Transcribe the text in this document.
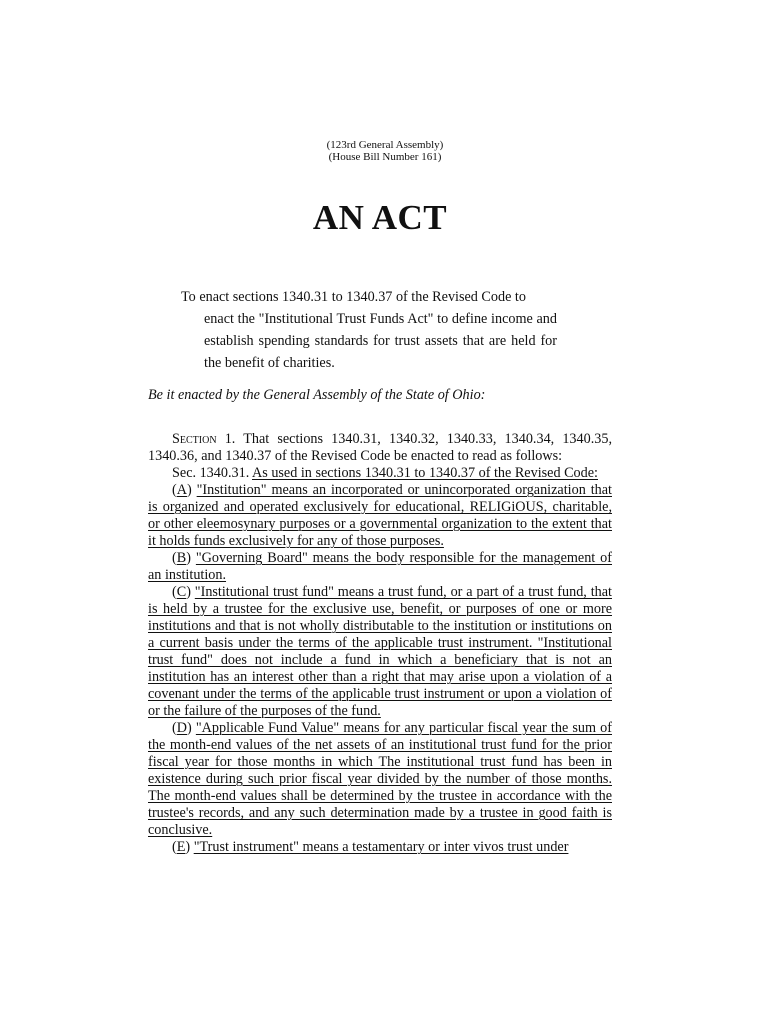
(123rd General Assembly)
(House Bill Number 161)
AN ACT
To enact sections 1340.31 to 1340.37 of the Revised Code to
enact the "Institutional Trust Funds Act" to define income and establish spending standards for trust assets that are held for the benefit of charities.
Be it enacted by the General Assembly of the State of Ohio:

Section 1. That sections 1340.31, 1340.32, 1340.33, 1340.34, 1340.35, 1340.36, and 1340.37 of the Revised Code be enacted to read as follows:

Sec. 1340.31. As used in sections 1340.31 to 1340.37 of the Revised Code:

(A) "Institution" means an incorporated or unincorporated organization that is organized and operated exclusively for educational, RELIGiOUS, charitable, or other eleemosynary purposes or a governmental organization to the extent that it holds funds exclusively for any of those purposes.

(B) "Governing Board" means the body responsible for the management of an institution.

(C) "Institutional trust fund" means a trust fund, or a part of a trust fund, that is held by a trustee for the exclusive use, benefit, or purposes of one or more institutions and that is not wholly distributable to the institution or institutions on a current basis under the terms of the applicable trust instrument. "Institutional trust fund" does not include a fund in which a beneficiary that is not an institution has an interest other than a right that may arise upon a violation of a covenant under the terms of the applicable trust instrument or upon a violation of or the failure of the purposes of the fund.

(D) "Applicable Fund Value" means for any particular fiscal year the sum of the month-end values of the net assets of an institutional trust fund for the prior fiscal year for those months in which The institutional trust fund has been in existence during such prior fiscal year divided by the number of those months. The month-end values shall be determined by the trustee in accordance with the trustee's records, and any such determination made by a trustee in good faith is conclusive.

(E) "Trust instrument" means a testamentary or inter vivos trust under
